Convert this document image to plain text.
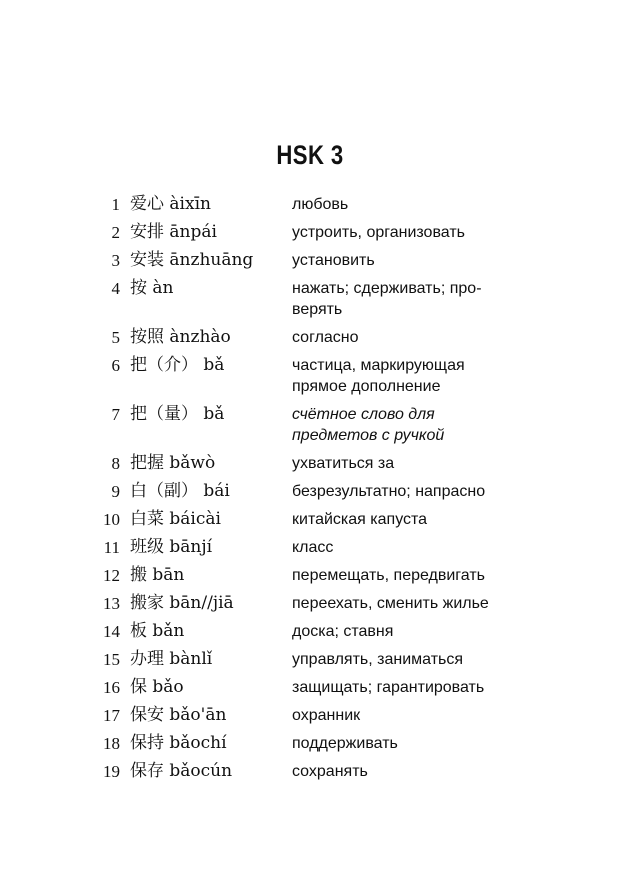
HSK 3
1 爱心 àixīn	любовь
2 安排 ānpái	устроить, организовать
3 安装 ānzhuāng	установить
4 按 àn	нажать; сдерживать; про-
верять
5 按照 ànzhào	согласно
6 把（介） bǎ	частица, маркирующая
прямое дополнение
7 把（量） bǎ	счётное слово для
предметов с ручкой
8 把握 bǎwò	ухватиться за
9 白（副） bái	безрезультатно; напрасно
10 白菜 báicài	китайская капуста
11 班级 bānjí	класс
12 搬 bān	перемещать, передвигать
13 搬家 bān//jiā	переехать, сменить жилье
14 板 bǎn	доска; ставня
15 办理 bànlǐ	управлять, заниматься
16 保 bǎo	защищать; гарантировать
17 保安 bǎo'ān	охранник
18 保持 bǎochí	поддерживать
19 保存 bǎocún	сохранять
